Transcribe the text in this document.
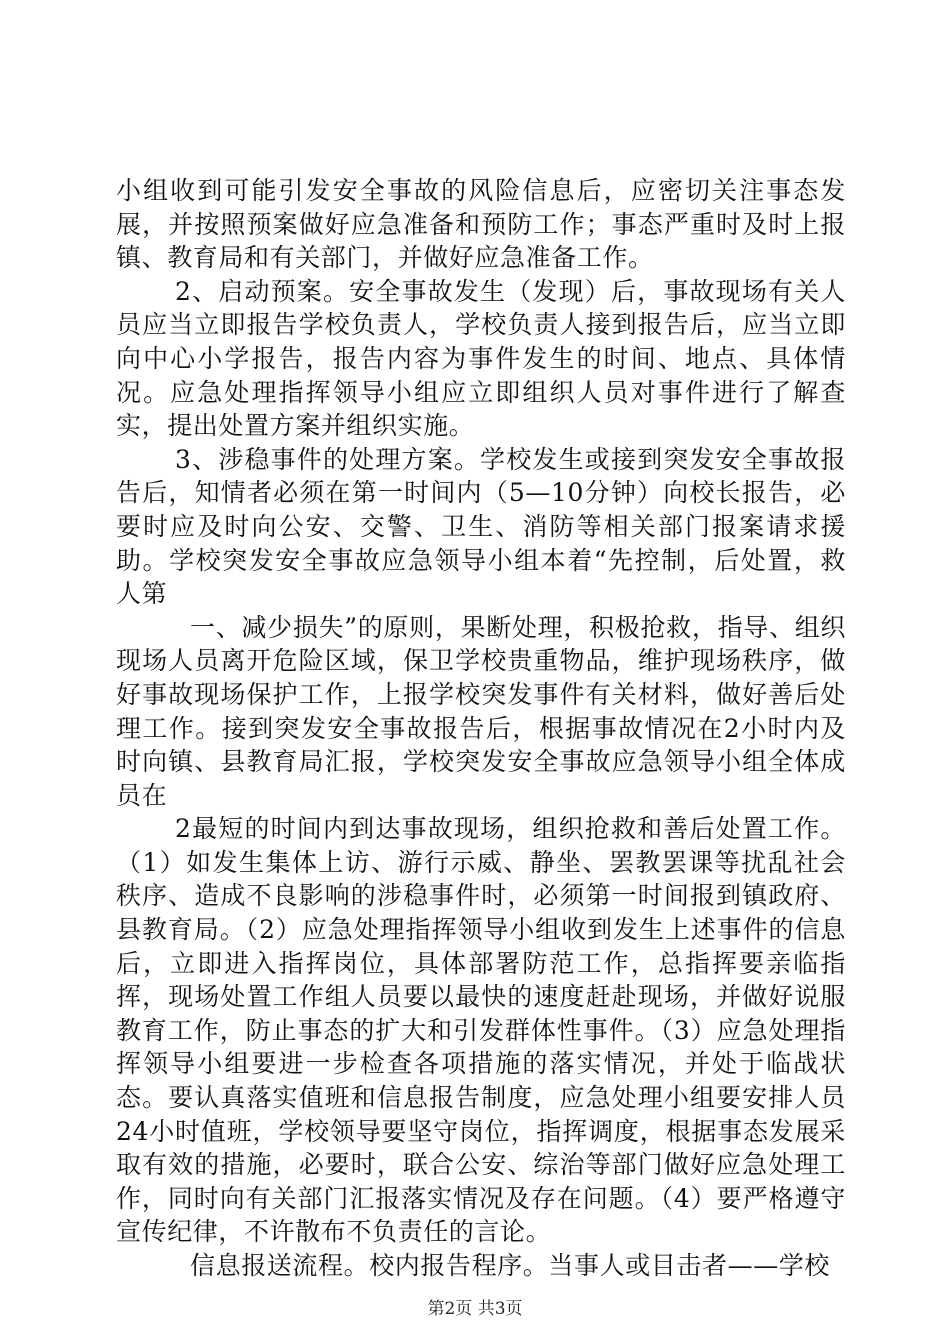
小组收到可能引发安全事故的风险信息后，应密切关注事态发展，并按照预案做好应急准备和预防工作；事态严重时及时上报镇、教育局和有关部门，并做好应急准备工作。

2、启动预案。安全事故发生（发现）后，事故现场有关人员应当立即报告学校负责人，学校负责人接到报告后，应当立即向中心小学报告，报告内容为事件发生的时间、地点、具体情况。应急处理指挥领导小组应立即组织人员对事件进行了解查实，提出处置方案并组织实施。

3、涉稳事件的处理方案。学校发生或接到突发安全事故报告后，知情者必须在第一时间内（5—10分钟）向校长报告，必要时应及时向公安、交警、卫生、消防等相关部门报案请求援助。学校突发安全事故应急领导小组本着“先控制，后处置，救人第

一、减少损失”的原则，果断处理，积极抢救，指导、组织现场人员离开危险区域，保卫学校贵重物品，维护现场秩序，做好事故现场保护工作，上报学校突发事件有关材料，做好善后处理工作。接到突发安全事故报告后，根据事故情况在2小时内及时向镇、县教育局汇报，学校突发安全事故应急领导小组全体成员在

2最短的时间内到达事故现场，组织抢救和善后处置工作。（1）如发生集体上访、游行示威、静坐、罢教罢课等扰乱社会秩序、造成不良影响的涉稳事件时，必须第一时间报到镇政府、县教育局。（2）应急处理指挥领导小组收到发生上述事件的信息后，立即进入指挥岗位，具体部署防范工作，总指挥要亲临指挥，现场处置工作组人员要以最快的速度赶赴现场，并做好说服教育工作，防止事态的扩大和引发群体性事件。（3）应急处理指挥领导小组要进一步检查各项措施的落实情况，并处于临战状态。要认真落实值班和信息报告制度，应急处理小组要安排人员24小时值班，学校领导要坚守岗位，指挥调度，根据事态发展采取有效的措施，必要时，联合公安、综治等部门做好应急处理工作，同时向有关部门汇报落实情况及存在问题。（4）要严格遵守宣传纪律，不许散布不负责任的言论。

信息报送流程。校内报告程序。当事人或目击者——学校

第2页 共3页
